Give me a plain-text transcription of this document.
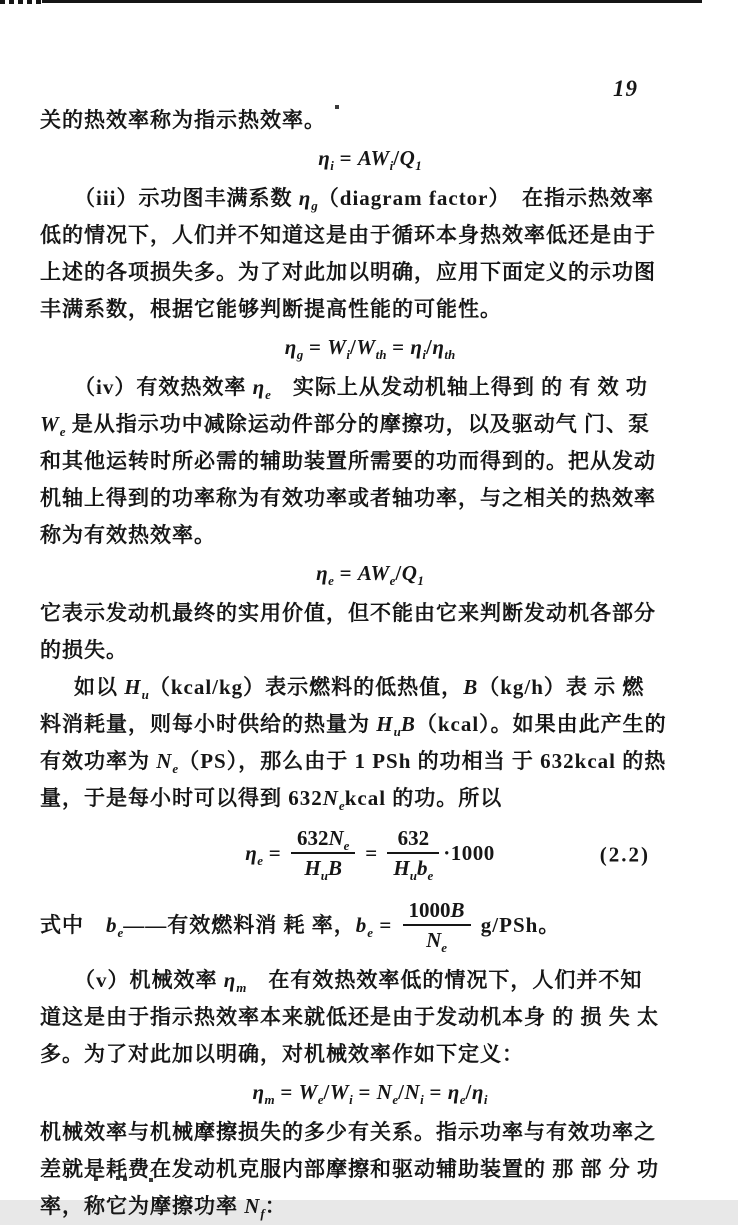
19
关的热效率称为指示热效率。
$\eta_i = AW_i/Q_1$
（iii）示功图丰满系数 $\eta_g(diagram$ factor）　在指示热效率
低的情况下，人们并不知道这是由于循环本身热效率低还是由于
上述的各项损失多。为了对此加以明确，应用下面定义的示功图
丰满系数，根据它能够判断提高性能的可能性。
$\eta_g = W_i/W_{th} = \eta_i/\eta_{th}$
（iv）有效热效率 $\eta_e$　实际上从发动机轴上得到 的 有 效 功
$W_e$ 是从指示功中减除运动件部分的摩擦功，以及驱动气 门、泵
和其他运转时所必需的辅助装置所需要的功而得到的。把从发动
机轴上得到的功率称为有效功率或者轴功率，与之相关的热效率
称为有效热效率。
$\eta_e = AW_e/Q_1$
它表示发动机最终的实用价值，但不能由它来判断发动机各部分
的损失。
如以 $H_u(kcal/kg)$表示燃料的低热值，B（kg/h）表 示 燃
料消耗量，则每小时供给的热量为 $H_uB(kcal)$。如果由此产生的
有效功率为 $N_e(PS)$，那么由于 1 PSh 的功相当 于 632kcal 的热
量，于是每小时可以得到 $632N_ekcal$ 的功。所以
$\eta_e = \frac{632N_e}{H_uB} = \frac{632}{H_ub_e} \cdot 1000$	(2.2)
式中　$b_e——$有效燃料消 耗 率，$b_e = \frac{1000B}{N_e} g/PSh$。
（v）机械效率 $\eta_m$　在有效热效率低的情况下，人们并不知
道这是由于指示热效率本来就低还是由于发动机本身 的 损 失 太
多。为了对此加以明确，对机械效率作如下定义：
$\eta_m = W_e/W_i = N_e/N_i = \eta_e/\eta_i$
机械效率与机械摩擦损失的多少有关系。指示功率与有效功率之
差就是耗费在发动机克服内部摩擦和驱动辅助装置的 那 部 分 功
率，称它为摩擦功率 $N_f$：
